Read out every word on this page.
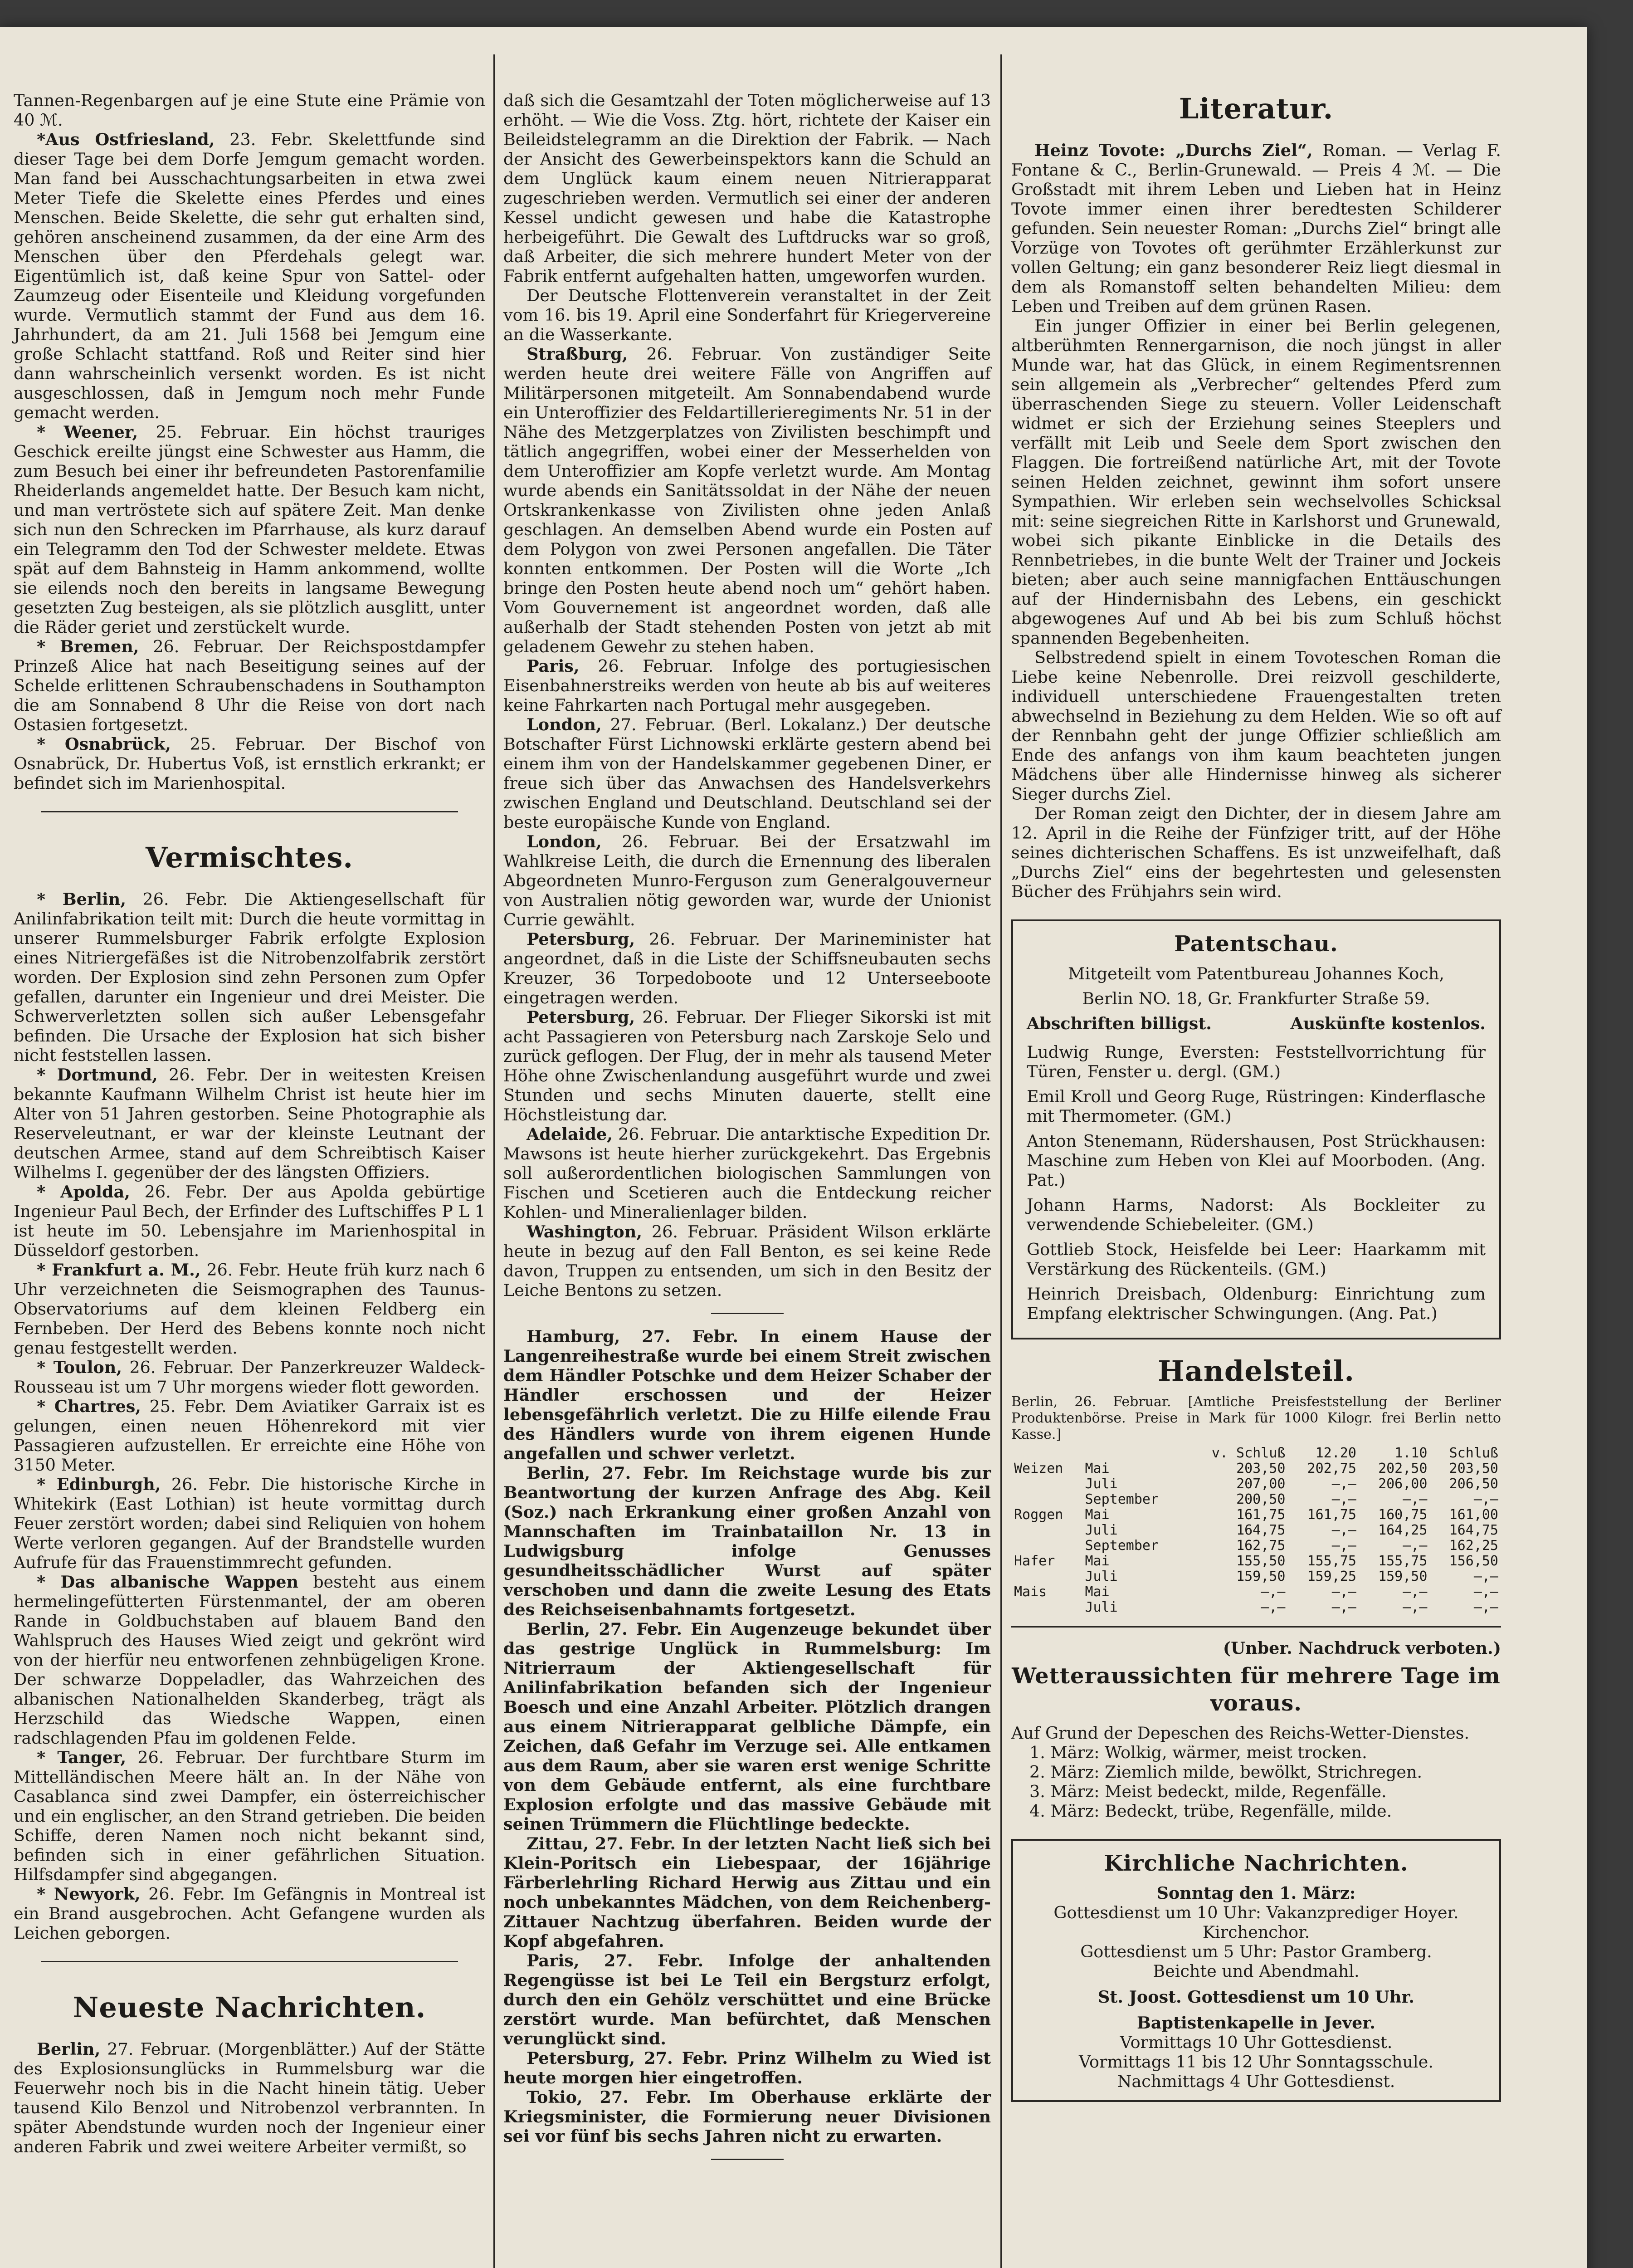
Tannen-Regenbargen auf je eine Stute eine Prämie von 40 ℳ.

*Aus Ostfriesland, 23. Febr. Skelettfunde sind dieser Tage bei dem Dorfe Jemgum gemacht worden. Man fand bei Ausschachtungsarbeiten in etwa zwei Meter Tiefe die Skelette eines Pferdes und eines Menschen. Beide Skelette, die sehr gut erhalten sind, gehören anscheinend zusammen, da der eine Arm des Menschen über den Pferdehals gelegt war. Eigentümlich ist, daß keine Spur von Sattel- oder Zaumzeug oder Eisenteile und Kleidung vorgefunden wurde. Vermutlich stammt der Fund aus dem 16. Jahrhundert, da am 21. Juli 1568 bei Jemgum eine große Schlacht stattfand. Roß und Reiter sind hier dann wahrscheinlich versenkt worden. Es ist nicht ausgeschlossen, daß in Jemgum noch mehr Funde gemacht werden.

* Weener, 25. Februar. Ein höchst trauriges Geschick ereilte jüngst eine Schwester aus Hamm, die zum Besuch bei einer ihr befreundeten Pastorenfamilie Rheiderlands angemeldet hatte. Der Besuch kam nicht, und man vertröstete sich auf spätere Zeit. Man denke sich nun den Schrecken im Pfarrhause, als kurz darauf ein Telegramm den Tod der Schwester meldete. Etwas spät auf dem Bahnsteig in Hamm ankommend, wollte sie eilends noch den bereits in langsame Bewegung gesetzten Zug besteigen, als sie plötzlich ausglitt, unter die Räder geriet und zerstückelt wurde.

* Bremen, 26. Februar. Der Reichspostdampfer Prinzeß Alice hat nach Beseitigung seines auf der Schelde erlittenen Schraubenschadens in Southampton die am Sonnabend 8 Uhr die Reise von dort nach Ostasien fortgesetzt.

* Osnabrück, 25. Februar. Der Bischof von Osnabrück, Dr. Hubertus Voß, ist ernstlich erkrankt; er befindet sich im Marienhospital.

Vermischtes.

* Berlin, 26. Febr. Die Aktiengesellschaft für Anilinfabrikation teilt mit: Durch die heute vormittag in unserer Rummelsburger Fabrik erfolgte Explosion eines Nitriergefäßes ist die Nitrobenzolfabrik zerstört worden. Der Explosion sind zehn Personen zum Opfer gefallen, darunter ein Ingenieur und drei Meister. Die Schwerverletzten sollen sich außer Lebensgefahr befinden. Die Ursache der Explosion hat sich bisher nicht feststellen lassen.

* Dortmund, 26. Febr. Der in weitesten Kreisen bekannte Kaufmann Wilhelm Christ ist heute hier im Alter von 51 Jahren gestorben. Seine Photographie als Reserveleutnant, er war der kleinste Leutnant der deutschen Armee, stand auf dem Schreibtisch Kaiser Wilhelms I. gegenüber der des längsten Offiziers.

* Apolda, 26. Febr. Der aus Apolda gebürtige Ingenieur Paul Bech, der Erfinder des Luftschiffes P L 1 ist heute im 50. Lebensjahre im Marienhospital in Düsseldorf gestorben.

* Frankfurt a. M., 26. Febr. Heute früh kurz nach 6 Uhr verzeichneten die Seismographen des Taunus-Observatoriums auf dem kleinen Feldberg ein Fernbeben. Der Herd des Bebens konnte noch nicht genau festgestellt werden.

* Toulon, 26. Februar. Der Panzerkreuzer Waldeck-Rousseau ist um 7 Uhr morgens wieder flott geworden.

* Chartres, 25. Febr. Dem Aviatiker Garraix ist es gelungen, einen neuen Höhenrekord mit vier Passagieren aufzustellen. Er erreichte eine Höhe von 3150 Meter.

* Edinburgh, 26. Febr. Die historische Kirche in Whitekirk (East Lothian) ist heute vormittag durch Feuer zerstört worden; dabei sind Reliquien von hohem Werte verloren gegangen. Auf der Brandstelle wurden Aufrufe für das Frauenstimmrecht gefunden.

* Das albanische Wappen besteht aus einem hermelingefütterten Fürstenmantel, der am oberen Rande in Goldbuchstaben auf blauem Band den Wahlspruch des Hauses Wied zeigt und gekrönt wird von der hierfür neu entworfenen zehnbügeligen Krone. Der schwarze Doppeladler, das Wahrzeichen des albanischen Nationalhelden Skanderbeg, trägt als Herzschild das Wiedsche Wappen, einen radschlagenden Pfau im goldenen Felde.

* Tanger, 26. Februar. Der furchtbare Sturm im Mittelländischen Meere hält an. In der Nähe von Casablanca sind zwei Dampfer, ein österreichischer und ein englischer, an den Strand getrieben. Die beiden Schiffe, deren Namen noch nicht bekannt sind, befinden sich in einer gefährlichen Situation. Hilfsdampfer sind abgegangen.

* Newyork, 26. Febr. Im Gefängnis in Montreal ist ein Brand ausgebrochen. Acht Gefangene wurden als Leichen geborgen.

Neueste Nachrichten.

Berlin, 27. Februar. (Morgenblätter.) Auf der Stätte des Explosionsunglücks in Rummelsburg war die Feuerwehr noch bis in die Nacht hinein tätig. Ueber tausend Kilo Benzol und Nitrobenzol verbrannten. In später Abendstunde wurden noch der Ingenieur einer anderen Fabrik und zwei weitere Arbeiter vermißt, so

daß sich die Gesamtzahl der Toten möglicherweise auf 13 erhöht. — Wie die Voss. Ztg. hört, richtete der Kaiser ein Beileidstelegramm an die Direktion der Fabrik. — Nach der Ansicht des Gewerbeinspektors kann die Schuld an dem Unglück kaum einem neuen Nitrierapparat zugeschrieben werden. Vermutlich sei einer der anderen Kessel undicht gewesen und habe die Katastrophe herbeigeführt. Die Gewalt des Luftdrucks war so groß, daß Arbeiter, die sich mehrere hundert Meter von der Fabrik entfernt aufgehalten hatten, umgeworfen wurden.

Der Deutsche Flottenverein veranstaltet in der Zeit vom 16. bis 19. April eine Sonderfahrt für Kriegervereine an die Wasserkante.

Straßburg, 26. Februar. Von zuständiger Seite werden heute drei weitere Fälle von Angriffen auf Militärpersonen mitgeteilt. Am Sonnabendabend wurde ein Unteroffizier des Feldartillerieregiments Nr. 51 in der Nähe des Metzgerplatzes von Zivilisten beschimpft und tätlich angegriffen, wobei einer der Messerhelden von dem Unteroffizier am Kopfe verletzt wurde. Am Montag wurde abends ein Sanitätssoldat in der Nähe der neuen Ortskrankenkasse von Zivilisten ohne jeden Anlaß geschlagen. An demselben Abend wurde ein Posten auf dem Polygon von zwei Personen angefallen. Die Täter konnten entkommen. Der Posten will die Worte „Ich bringe den Posten heute abend noch um“ gehört haben. Vom Gouvernement ist angeordnet worden, daß alle außerhalb der Stadt stehenden Posten von jetzt ab mit geladenem Gewehr zu stehen haben.

Paris, 26. Februar. Infolge des portugiesischen Eisenbahnerstreiks werden von heute ab bis auf weiteres keine Fahrkarten nach Portugal mehr ausgegeben.

London, 27. Februar. (Berl. Lokalanz.) Der deutsche Botschafter Fürst Lichnowski erklärte gestern abend bei einem ihm von der Handelskammer gegebenen Diner, er freue sich über das Anwachsen des Handelsverkehrs zwischen England und Deutschland. Deutschland sei der beste europäische Kunde von England.

London, 26. Februar. Bei der Ersatzwahl im Wahlkreise Leith, die durch die Ernennung des liberalen Abgeordneten Munro-Ferguson zum Generalgouverneur von Australien nötig geworden war, wurde der Unionist Currie gewählt.

Petersburg, 26. Februar. Der Marineminister hat angeordnet, daß in die Liste der Schiffsneubauten sechs Kreuzer, 36 Torpedoboote und 12 Unterseeboote eingetragen werden.

Petersburg, 26. Februar. Der Flieger Sikorski ist mit acht Passagieren von Petersburg nach Zarskoje Selo und zurück geflogen. Der Flug, der in mehr als tausend Meter Höhe ohne Zwischenlandung ausgeführt wurde und zwei Stunden und sechs Minuten dauerte, stellt eine Höchstleistung dar.

Adelaide, 26. Februar. Die antarktische Expedition Dr. Mawsons ist heute hierher zurückgekehrt. Das Ergebnis soll außerordentlichen biologischen Sammlungen von Fischen und Scetieren auch die Entdeckung reicher Kohlen- und Mineralienlager bilden.

Washington, 26. Februar. Präsident Wilson erklärte heute in bezug auf den Fall Benton, es sei keine Rede davon, Truppen zu entsenden, um sich in den Besitz der Leiche Bentons zu setzen.

Hamburg, 27. Febr. In einem Hause der Langenreihestraße wurde bei einem Streit zwischen dem Händler Potschke und dem Heizer Schaber der Händler erschossen und der Heizer lebensgefährlich verletzt. Die zu Hilfe eilende Frau des Händlers wurde von ihrem eigenen Hunde angefallen und schwer verletzt.

Berlin, 27. Febr. Im Reichstage wurde bis zur Beantwortung der kurzen Anfrage des Abg. Keil (Soz.) nach Erkrankung einer großen Anzahl von Mannschaften im Trainbataillon Nr. 13 in Ludwigsburg infolge Genusses gesundheitsschädlicher Wurst auf später verschoben und dann die zweite Lesung des Etats des Reichseisenbahnamts fortgesetzt.

Berlin, 27. Febr. Ein Augenzeuge bekundet über das gestrige Unglück in Rummelsburg: Im Nitrierraum der Aktiengesellschaft für Anilinfabrikation befanden sich der Ingenieur Boesch und eine Anzahl Arbeiter. Plötzlich drangen aus einem Nitrierapparat gelbliche Dämpfe, ein Zeichen, daß Gefahr im Verzuge sei. Alle entkamen aus dem Raum, aber sie waren erst wenige Schritte von dem Gebäude entfernt, als eine furchtbare Explosion erfolgte und das massive Gebäude mit seinen Trümmern die Flüchtlinge bedeckte.

Zittau, 27. Febr. In der letzten Nacht ließ sich bei Klein-Poritsch ein Liebespaar, der 16jährige Färberlehrling Richard Herwig aus Zittau und ein noch unbekanntes Mädchen, von dem Reichenberg-Zittauer Nachtzug überfahren. Beiden wurde der Kopf abgefahren.

Paris, 27. Febr. Infolge der anhaltenden Regengüsse ist bei Le Teil ein Bergsturz erfolgt, durch den ein Gehölz verschüttet und eine Brücke zerstört wurde. Man befürchtet, daß Menschen verunglückt sind.

Petersburg, 27. Febr. Prinz Wilhelm zu Wied ist heute morgen hier eingetroffen.

Tokio, 27. Febr. Im Oberhause erklärte der Kriegsminister, die Formierung neuer Divisionen sei vor fünf bis sechs Jahren nicht zu erwarten.

Literatur.

Heinz Tovote: „Durchs Ziel“, Roman. — Verlag F. Fontane & C., Berlin-Grunewald. — Preis 4 ℳ. — Die Großstadt mit ihrem Leben und Lieben hat in Heinz Tovote immer einen ihrer beredtesten Schilderer gefunden. Sein neuester Roman: „Durchs Ziel“ bringt alle Vorzüge von Tovotes oft gerühmter Erzählerkunst zur vollen Geltung; ein ganz besonderer Reiz liegt diesmal in dem als Romanstoff selten behandelten Milieu: dem Leben und Treiben auf dem grünen Rasen.

Ein junger Offizier in einer bei Berlin gelegenen, altberühmten Rennergarnison, die noch jüngst in aller Munde war, hat das Glück, in einem Regimentsrennen sein allgemein als „Verbrecher“ geltendes Pferd zum überraschenden Siege zu steuern. Voller Leidenschaft widmet er sich der Erziehung seines Steeplers und verfällt mit Leib und Seele dem Sport zwischen den Flaggen. Die fortreißend natürliche Art, mit der Tovote seinen Helden zeichnet, gewinnt ihm sofort unsere Sympathien. Wir erleben sein wechselvolles Schicksal mit: seine siegreichen Ritte in Karlshorst und Grunewald, wobei sich pikante Einblicke in die Details des Rennbetriebes, in die bunte Welt der Trainer und Jockeis bieten; aber auch seine mannigfachen Enttäuschungen auf der Hindernisbahn des Lebens, ein geschickt abgewogenes Auf und Ab bei bis zum Schluß höchst spannenden Begebenheiten.

Selbstredend spielt in einem Tovoteschen Roman die Liebe keine Nebenrolle. Drei reizvoll geschilderte, individuell unterschiedene Frauengestalten treten abwechselnd in Beziehung zu dem Helden. Wie so oft auf der Rennbahn geht der junge Offizier schließlich am Ende des anfangs von ihm kaum beachteten jungen Mädchens über alle Hindernisse hinweg als sicherer Sieger durchs Ziel.

Der Roman zeigt den Dichter, der in diesem Jahre am 12. April in die Reihe der Fünfziger tritt, auf der Höhe seines dichterischen Schaffens. Es ist unzweifelhaft, daß „Durchs Ziel“ eins der begehrtesten und gelesensten Bücher des Frühjahrs sein wird.

Patentschau.

Mitgeteilt vom Patentbureau Johannes Koch,

Berlin NO. 18, Gr. Frankfurter Straße 59.

Abschriften billigst.	Auskünfte kostenlos.

Ludwig Runge, Eversten: Feststellvorrichtung für Türen, Fenster u. dergl. (GM.)

Emil Kroll und Georg Ruge, Rüstringen: Kinderflasche mit Thermometer. (GM.)

Anton Stenemann, Rüdershausen, Post Strückhausen: Maschine zum Heben von Klei auf Moorboden. (Ang. Pat.)

Johann Harms, Nadorst: Als Bockleiter zu verwendende Schiebeleiter. (GM.)

Gottlieb Stock, Heisfelde bei Leer: Haarkamm mit Verstärkung des Rückenteils. (GM.)

Heinrich Dreisbach, Oldenburg: Einrichtung zum Empfang elektrischer Schwingungen. (Ang. Pat.)

Handelsteil.

Berlin, 26. Februar. [Amtliche Preisfeststellung der Berliner Produktenbörse. Preise in Mark für 1000 Kilogr. frei Berlin netto Kasse.]

		v. Schluß	12.20	1.10	Schluß
Weizen	Mai	203,50	202,75	202,50	203,50
	Juli	207,00	—,—	206,00	206,50
	September	200,50	—,—	—,—	—,—
Roggen	Mai	161,75	161,75	160,75	161,00
	Juli	164,75	—,—	164,25	164,75
	September	162,75	—,—	—,—	162,25
Hafer	Mai	155,50	155,75	155,75	156,50
	Juli	159,50	159,25	159,50	—,—
Mais	Mai	—,—	—,—	—,—	—,—
	Juli	—,—	—,—	—,—	—,—

(Unber. Nachdruck verboten.)

Wetteraussichten für mehrere Tage im voraus.

Auf Grund der Depeschen des Reichs-Wetter-Dienstes.

1. März: Wolkig, wärmer, meist trocken.
2. März: Ziemlich milde, bewölkt, Strichregen.
3. März: Meist bedeckt, milde, Regenfälle.
4. März: Bedeckt, trübe, Regenfälle, milde.
Kirchliche Nachrichten.

Sonntag den 1. März:

Gottesdienst um 10 Uhr: Vakanzprediger Hoyer.

Kirchenchor.

Gottesdienst um 5 Uhr: Pastor Gramberg.

Beichte und Abendmahl.

St. Joost. Gottesdienst um 10 Uhr.

Baptistenkapelle in Jever.

Vormittags 10 Uhr Gottesdienst.

Vormittags 11 bis 12 Uhr Sonntagsschule.

Nachmittags 4 Uhr Gottesdienst.
